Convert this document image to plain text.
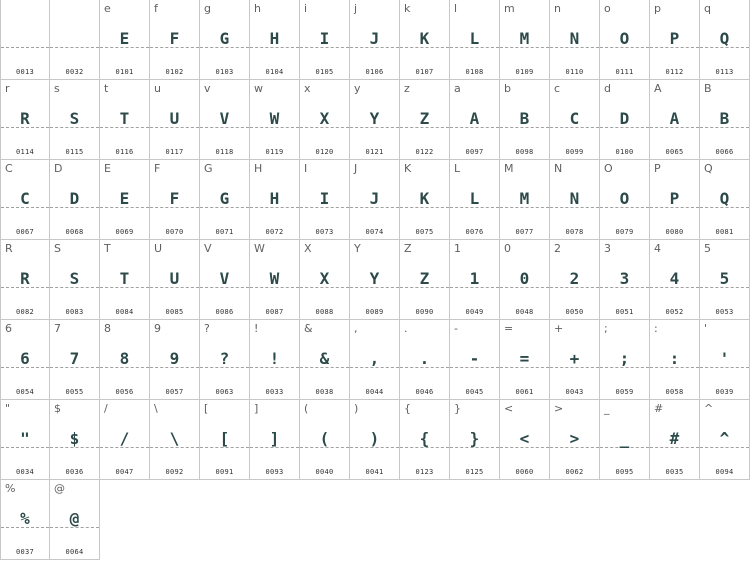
0013	0032
e
E
0101
f
F
0102
g
G
0103
h
H
0104
i
I
0105
j
J
0106
k
K
0107
l
L
0108
m
M
0109
n
N
0110
o
O
0111
p
P
0112
q
Q
0113
r
R
0114
s
S
0115
t
T
0116
u
U
0117
v
V
0118
w
W
0119
x
X
0120
y
Y
0121
z
Z
0122
a
A
0097
b
B
0098
c
C
0099
d
D
0100
A
A
0065
B
B
0066
C
C
0067
D
D
0068
E
E
0069
F
F
0070
G
G
0071
H
H
0072
I
I
0073
J
J
0074
K
K
0075
L
L
0076
M
M
0077
N
N
0078
O
O
0079
P
P
0080
Q
Q
0081
R
R
0082
S
S
0083
T
T
0084
U
U
0085
V
V
0086
W
W
0087
X
X
0088
Y
Y
0089
Z
Z
0090
1
1
0049
0
0
0048
2
2
0050
3
3
0051
4
4
0052
5
5
0053
6
6
0054
7
7
0055
8
8
0056
9
9
0057
?
?
0063
!
!
0033
&
&
0038
,
,
0044
.
.
0046
-
-
0045
=
=
0061
+
+
0043
;
;
0059
:
:
0058
'
'
0039
"
"
0034
$
$
0036
/
/
0047
\
\
0092
[
[
0091
]
]
0093
(
(
0040
)
)
0041
{
{
0123
}
}
0125
<
<
0060
>
>
0062
_
_
0095
#
#
0035
^
^
0094
%
%
0037
@
@
0064
